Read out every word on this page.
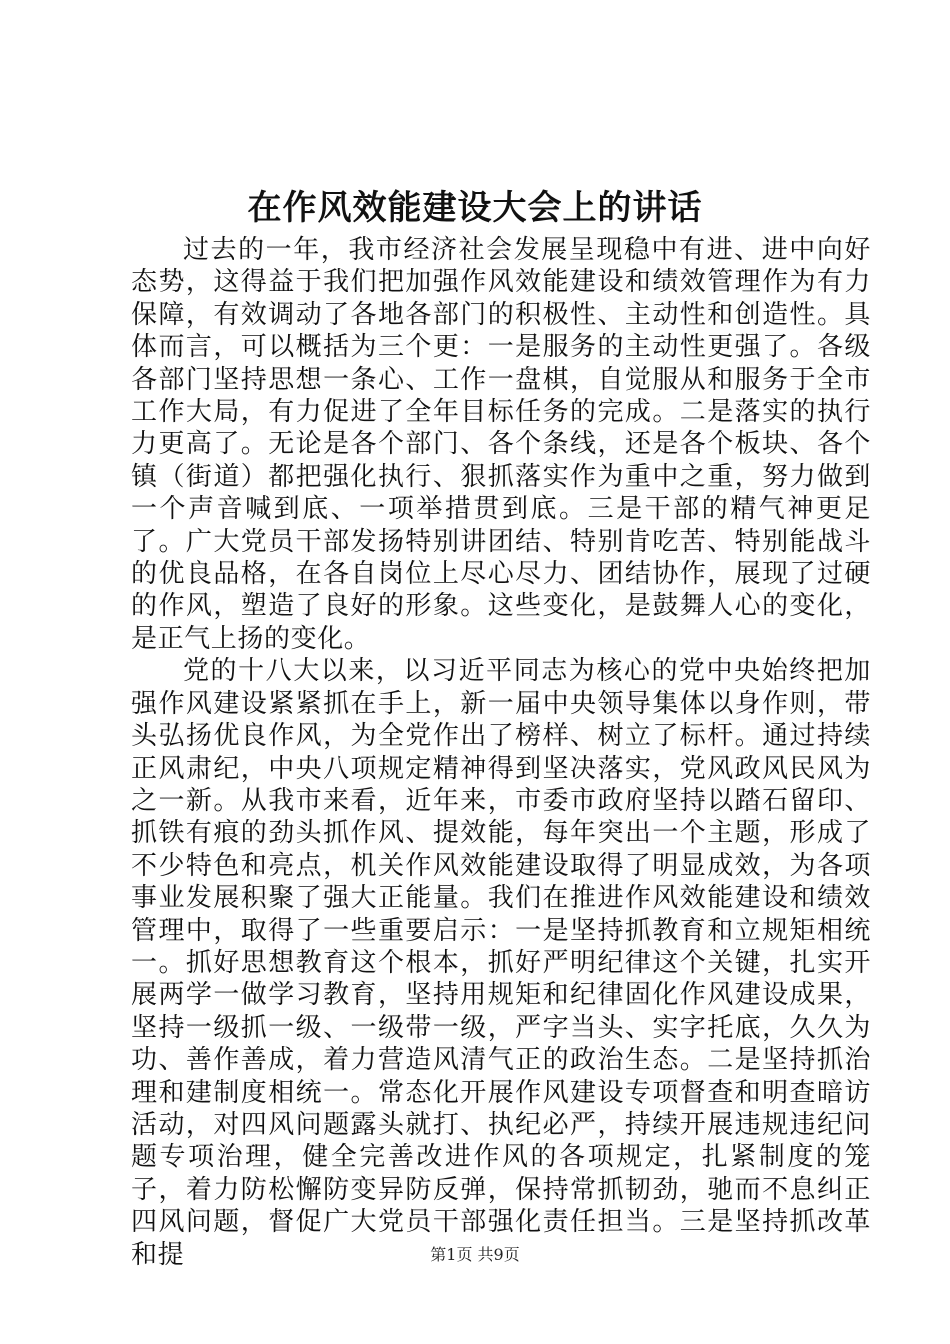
在作风效能建设大会上的讲话

过去的一年，我市经济社会发展呈现稳中有进、进中向好态势，这得益于我们把加强作风效能建设和绩效管理作为有力保障，有效调动了各地各部门的积极性、主动性和创造性。具体而言，可以概括为三个更：一是服务的主动性更强了。各级各部门坚持思想一条心、工作一盘棋，自觉服从和服务于全市工作大局，有力促进了全年目标任务的完成。二是落实的执行力更高了。无论是各个部门、各个条线，还是各个板块、各个镇（街道）都把强化执行、狠抓落实作为重中之重，努力做到一个声音喊到底、一项举措贯到底。三是干部的精气神更足了。广大党员干部发扬特别讲团结、特别肯吃苦、特别能战斗的优良品格，在各自岗位上尽心尽力、团结协作，展现了过硬的作风，塑造了良好的形象。这些变化，是鼓舞人心的变化，是正气上扬的变化。

党的十八大以来，以习近平同志为核心的党中央始终把加强作风建设紧紧抓在手上，新一届中央领导集体以身作则，带头弘扬优良作风，为全党作出了榜样、树立了标杆。通过持续正风肃纪，中央八项规定精神得到坚决落实，党风政风民风为之一新。从我市来看，近年来，市委市政府坚持以踏石留印、抓铁有痕的劲头抓作风、提效能，每年突出一个主题，形成了不少特色和亮点，机关作风效能建设取得了明显成效，为各项事业发展积聚了强大正能量。我们在推进作风效能建设和绩效管理中，取得了一些重要启示：一是坚持抓教育和立规矩相统一。抓好思想教育这个根本，抓好严明纪律这个关键，扎实开展两学一做学习教育，坚持用规矩和纪律固化作风建设成果，坚持一级抓一级、一级带一级，严字当头、实字托底，久久为功、善作善成，着力营造风清气正的政治生态。二是坚持抓治理和建制度相统一。常态化开展作风建设专项督查和明查暗访活动，对四风问题露头就打、执纪必严，持续开展违规违纪问题专项治理，健全完善改进作风的各项规定，扎紧制度的笼子，着力防松懈防变异防反弹，保持常抓韧劲，驰而不息纠正四风问题，督促广大党员干部强化责任担当。三是坚持抓改革和提	第1页 共9页
